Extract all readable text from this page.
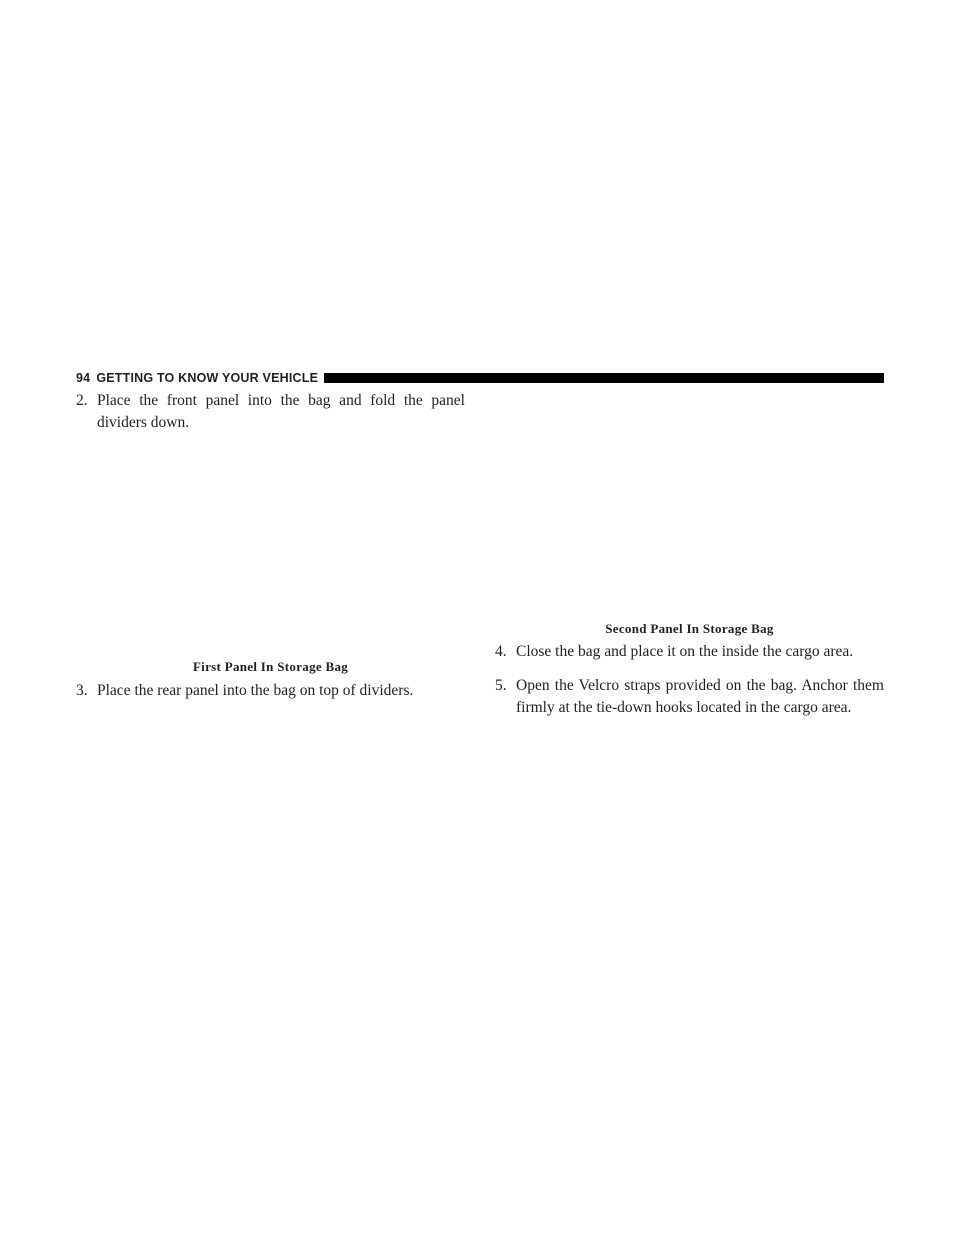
94 GETTING TO KNOW YOUR VEHICLE
2. Place the front panel into the bag and fold the panel dividers down.
First Panel In Storage Bag
3. Place the rear panel into the bag on top of dividers.
Second Panel In Storage Bag
4. Close the bag and place it on the inside the cargo area.
5. Open the Velcro straps provided on the bag. Anchor them firmly at the tie-down hooks located in the cargo area.
